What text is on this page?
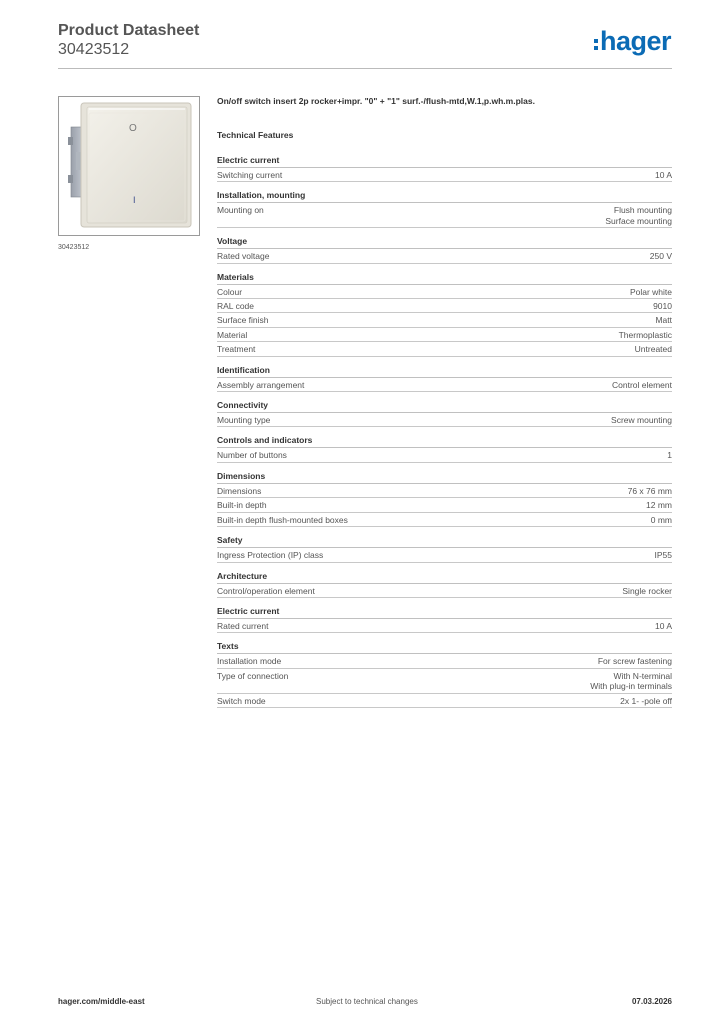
Product Datasheet
30423512	hager
O
I
30423512
On/off switch insert 2p rocker+impr. "0" + "1" surf.-/flush-mtd,W.1,p.wh.m.plas.
Technical Features
Electric current
Switching current	10 A
Installation, mounting
Mounting on	Flush mounting
Surface mounting
Voltage
Rated voltage	250 V
Materials
Colour	Polar white
RAL code	9010
Surface finish	Matt
Material	Thermoplastic
Treatment	Untreated
Identification
Assembly arrangement	Control element
Connectivity
Mounting type	Screw mounting
Controls and indicators
Number of buttons	1
Dimensions
Dimensions	76 x 76 mm
Built-in depth	12 mm
Built-in depth flush-mounted boxes	0 mm
Safety
Ingress Protection (IP) class	IP55
Architecture
Control/operation element	Single rocker
Electric current
Rated current	10 A
Texts
Installation mode	For screw fastening
Type of connection	With N-terminal
With plug-in terminals
Switch mode	2x 1- -pole off
hager.com/middle-east	Subject to technical changes	07.03.2026
